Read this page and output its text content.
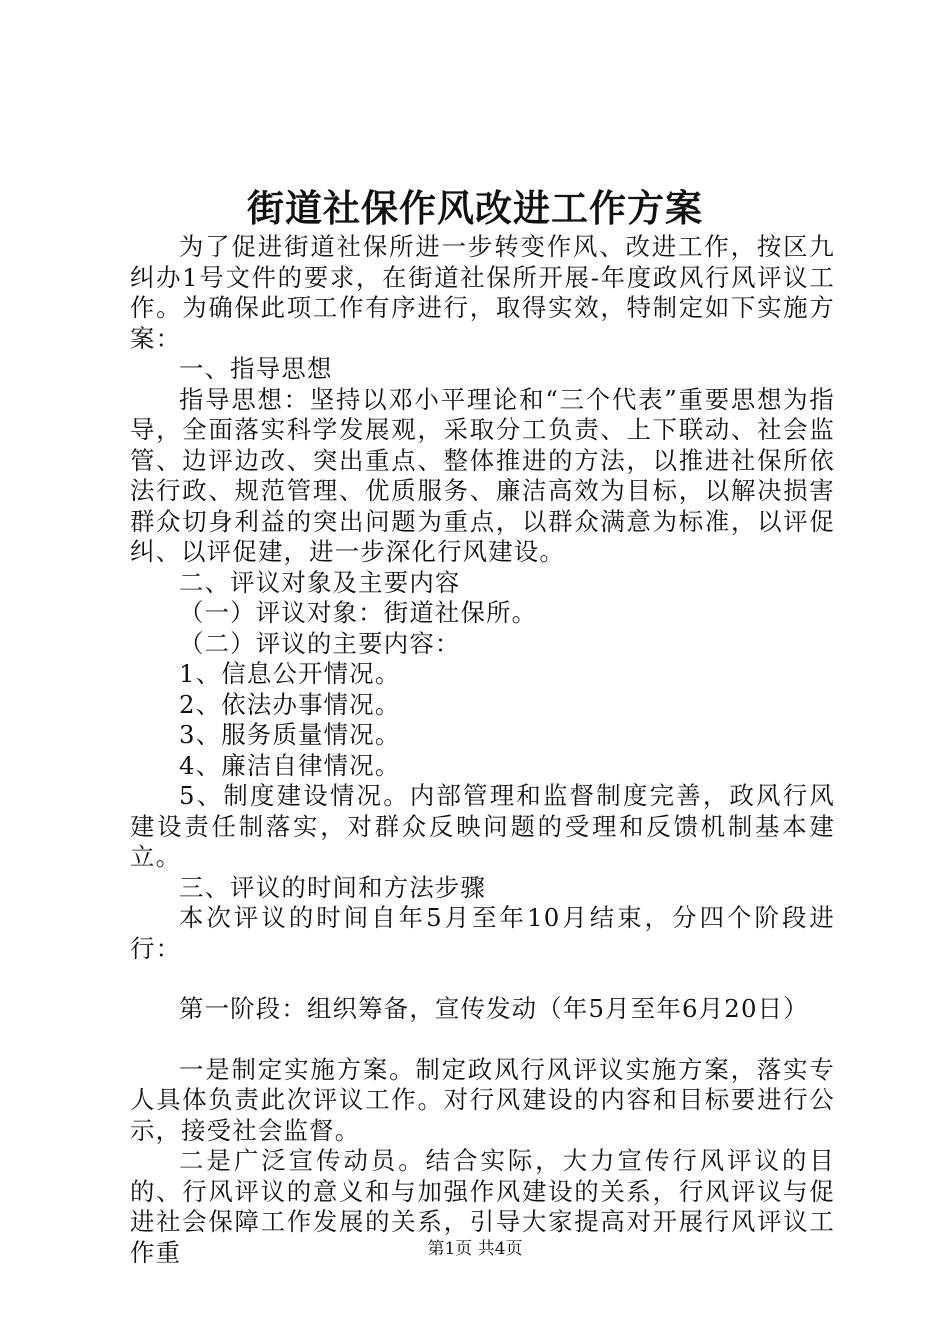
街道社保作风改进工作方案

为了促进街道社保所进一步转变作风、改进工作，按区九纠办1号文件的要求，在街道社保所开展-年度政风行风评议工作。为确保此项工作有序进行，取得实效，特制定如下实施方案：

一、指导思想

指导思想：坚持以邓小平理论和“三个代表”重要思想为指导，全面落实科学发展观，采取分工负责、上下联动、社会监管、边评边改、突出重点、整体推进的方法，以推进社保所依法行政、规范管理、优质服务、廉洁高效为目标，以解决损害群众切身利益的突出问题为重点，以群众满意为标准，以评促纠、以评促建，进一步深化行风建设。

二、评议对象及主要内容

（一）评议对象：街道社保所。

（二）评议的主要内容：

1、信息公开情况。

2、依法办事情况。

3、服务质量情况。

4、廉洁自律情况。

5、制度建设情况。内部管理和监督制度完善，政风行风建设责任制落实，对群众反映问题的受理和反馈机制基本建立。

三、评议的时间和方法步骤

本次评议的时间自年5月至年10月结束，分四个阶段进行：

第一阶段：组织筹备，宣传发动（年5月至年6月20日）

一是制定实施方案。制定政风行风评议实施方案，落实专人具体负责此次评议工作。对行风建设的内容和目标要进行公示，接受社会监督。

二是广泛宣传动员。结合实际，大力宣传行风评议的目的、行风评议的意义和与加强作风建设的关系，行风评议与促进社会保障工作发展的关系，引导大家提高对开展行风评议工作重	第1页 共4页
